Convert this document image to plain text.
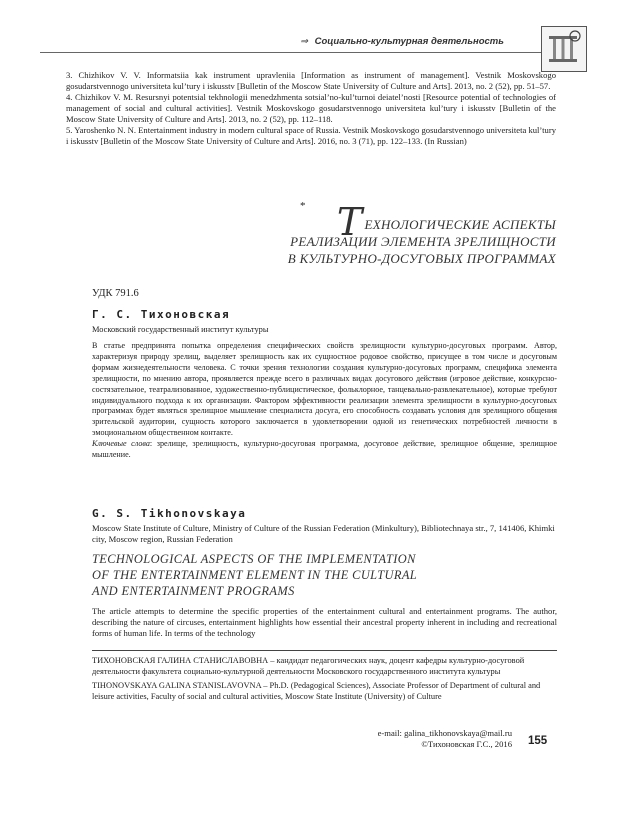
⇒ Социально-культурная деятельность

3. Chizhikov V. V. Informatsiia kak instrument upravleniia [Information as instrument of management]. Vestnik Moskovskogo gosudarstvennogo universiteta kul’tury i iskusstv [Bulletin of the Moscow State University of Culture and Arts]. 2013, no. 2 (52), pp. 51–57.

4. Chizhikov V. M. Resursnyi potentsial tekhnologii menedzhmenta sotsial’no-kul’turnoi deiatel’nosti [Resource potential of technologies of management of social and cultural activities]. Vestnik Moskovskogo gosudarstvennogo universiteta kul’tury i iskusstv [Bulletin of the Moscow State University of Culture and Arts]. 2013, no. 2 (52), pp. 112–118.

5. Yaroshenko N. N. Entertainment industry in modern cultural space of Russia. Vestnik Moskovskogo gosudarstvennogo universiteta kul’tury i iskusstv [Bulletin of the Moscow State University of Culture and Arts]. 2016, no. 3 (71), pp. 122–133. (In Russian)

* ТЕХНОЛОГИЧЕСКИЕ АСПЕКТЫ
РЕАЛИЗАЦИИ ЭЛЕМЕНТА ЗРЕЛИЩНОСТИ
В КУЛЬТУРНО-ДОСУГОВЫХ ПРОГРАММАХ
УДК 791.6
Г. С. Тихоновская
Московский государственный институт культуры

В статье предпринята попытка определения специфических свойств зрелищности культурно-досуговых программ. Автор, характеризуя природу зрелищ, выделяет зрелищность как их сущностное родовое свойство, присущее в том числе и досуговым формам жизнедеятельности человека. С точки зрения технологии создания культурно-досуговых программ, специфика элемента зрелищности, по мнению автора, проявляется прежде всего в различных видах досугового действия (игровое действие, конкурсно-состязательное, театрализованное, художественно-публицистическое, фольклорное, танцевально-развлекательное), которые требуют индивидуального подхода к их организации. Фактором эффективности реализации элемента зрелищности в культурно-досуговых программах будет являться зрелищное мышление специалиста досуга, его способность создавать условия для зрелищного общения зрительской аудитории, сущность которого заключается в удовлетворении одной из генетических потребностей личности в эмоциональном общественном контакте.

Ключевые слова: зрелище, зрелищность, культурно-досуговая программа, досуговое действие, зрелищное общение, зрелищное мышление.

G. S. Tikhonovskaya
Moscow State Institute of Culture, Ministry of Culture of the Russian Federation (Minkultury), Bibliotechnaya str., 7, 141406, Khimki city, Moscow region, Russian Federation
TECHNOLOGICAL ASPECTS OF THE IMPLEMENTATION
OF THE ENTERTAINMENT ELEMENT IN THE CULTURAL
AND ENTERTAINMENT PROGRAMS

The article attempts to determine the specific properties of the entertainment cultural and entertainment programs. The author, describing the nature of circuses, entertainment highlights how essential their ancestral property inherent in including and recreational forms of human life. In terms of the technology

ТИХОНОВСКАЯ ГАЛИНА СТАНИСЛАВОВНА – кандидат педагогических наук, доцент кафедры культурно-досуговой деятельности факультета социально-культурной деятельности Московского государственного института культуры

TIHONOVSKAYA GALINA STANISLAVOVNA – Ph.D. (Pedagogical Sciences), Associate Professor of Department of cultural and leisure activities, Faculty of social and cultural activities, Moscow State Institute (University) of Culture

e-mail: galina_tikhonovskaya@mail.ru
©Тихоновская Г.С., 2016 155
